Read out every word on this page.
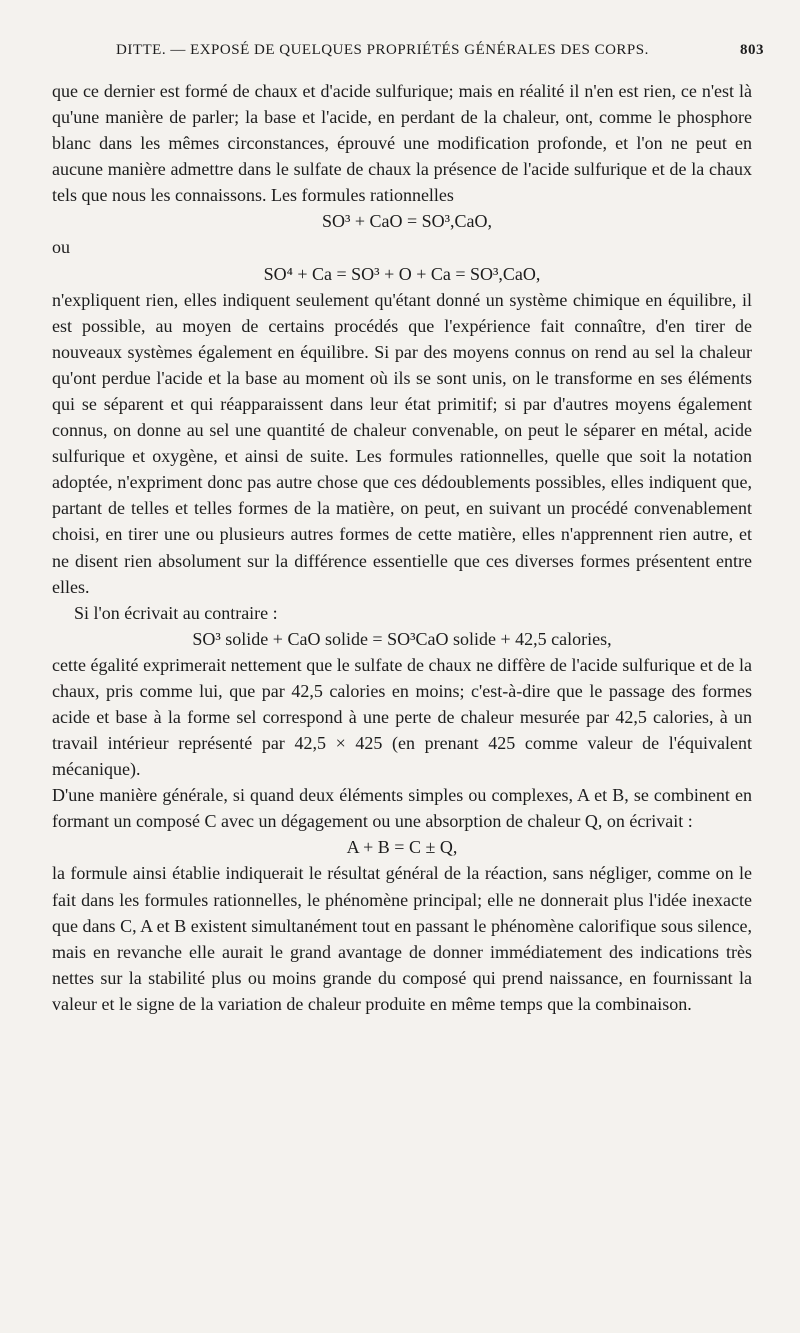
DITTE. — EXPOSÉ DE QUELQUES PROPRIÉTÉS GÉNÉRALES DES CORPS.	803

que ce dernier est formé de chaux et d'acide sulfurique; mais en réalité il n'en est rien, ce n'est là qu'une manière de parler; la base et l'acide, en perdant de la chaleur, ont, comme le phosphore blanc dans les mêmes circonstances, éprouvé une modification profonde, et l'on ne peut en aucune manière admettre dans le sulfate de chaux la présence de l'acide sulfurique et de la chaux tels que nous les connaissons. Les formules rationnelles

SO³ + CaO = SO³,CaO,

ou

SO⁴ + Ca = SO³ + O + Ca = SO³,CaO,

n'expliquent rien, elles indiquent seulement qu'étant donné un système chimique en équilibre, il est possible, au moyen de certains procédés que l'expérience fait connaître, d'en tirer de nouveaux systèmes également en équilibre. Si par des moyens connus on rend au sel la chaleur qu'ont perdue l'acide et la base au moment où ils se sont unis, on le transforme en ses éléments qui se séparent et qui réapparaissent dans leur état primitif; si par d'autres moyens également connus, on donne au sel une quantité de chaleur convenable, on peut le séparer en métal, acide sulfurique et oxygène, et ainsi de suite. Les formules rationnelles, quelle que soit la notation adoptée, n'expriment donc pas autre chose que ces dédoublements possibles, elles indiquent que, partant de telles et telles formes de la matière, on peut, en suivant un procédé convenablement choisi, en tirer une ou plusieurs autres formes de cette matière, elles n'apprennent rien autre, et ne disent rien absolument sur la différence essentielle que ces diverses formes présentent entre elles.

Si l'on écrivait au contraire :

SO³ solide + CaO solide = SO³CaO solide + 42,5 calories,

cette égalité exprimerait nettement que le sulfate de chaux ne diffère de l'acide sulfurique et de la chaux, pris comme lui, que par 42,5 calories en moins; c'est-à-dire que le passage des formes acide et base à la forme sel correspond à une perte de chaleur mesurée par 42,5 calories, à un travail intérieur représenté par 42,5 × 425 (en prenant 425 comme valeur de l'équivalent mécanique).

D'une manière générale, si quand deux éléments simples ou complexes, A et B, se combinent en formant un composé C avec un dégagement ou une absorption de chaleur Q, on écrivait :

A + B = C ± Q,

la formule ainsi établie indiquerait le résultat général de la réaction, sans négliger, comme on le fait dans les formules rationnelles, le phénomène principal; elle ne donnerait plus l'idée inexacte que dans C, A et B existent simultanément tout en passant le phénomène calorifique sous silence, mais en revanche elle aurait le grand avantage de donner immédiatement des indications très nettes sur la stabilité plus ou moins grande du composé qui prend naissance, en fournissant la valeur et le signe de la variation de chaleur produite en même temps que la combinaison.
